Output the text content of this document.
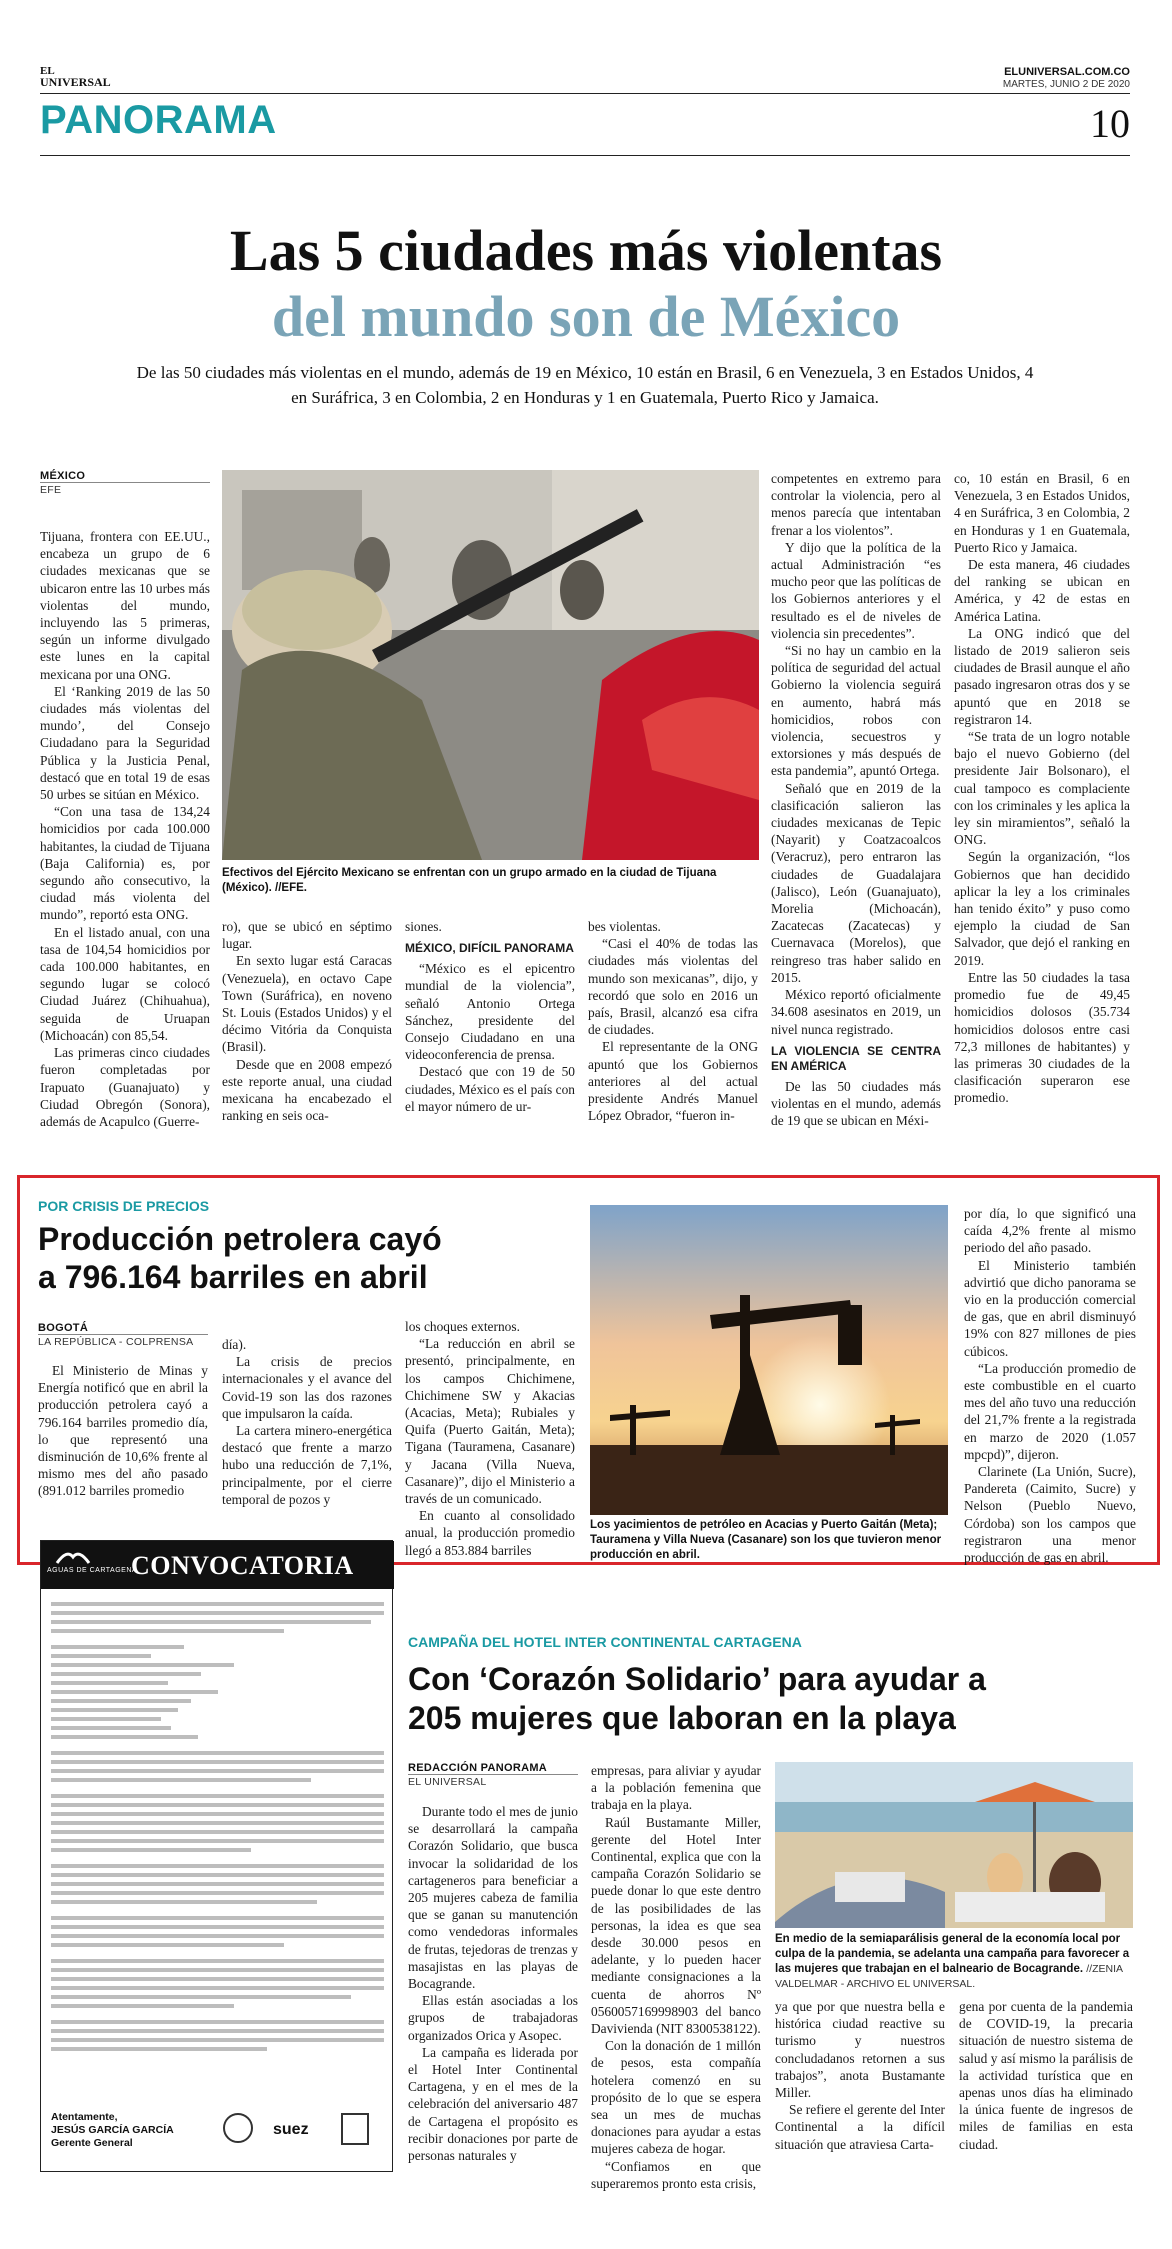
EL
UNIVERSAL
ELUNIVERSAL.COM.CO
MARTES, JUNIO 2 DE 2020
PANORAMA	10
Las 5 ciudades más violentas
del mundo son de México
De las 50 ciudades más violentas en el mundo, además de 19 en México, 10 están en Brasil, 6 en Venezuela, 3 en Estados Unidos, 4 en Suráfrica, 3 en Colombia, 2 en Honduras y 1 en Guatemala, Puerto Rico y Jamaica.
MÉXICO
EFE

Tijuana, frontera con EE.UU., encabeza un grupo de 6 ciudades mexicanas que se ubicaron entre las 10 urbes más violentas del mundo, incluyendo las 5 primeras, según un informe divulgado este lunes en la capital mexicana por una ONG.

El ‘Ranking 2019 de las 50 ciudades más violentas del mundo’, del Consejo Ciudadano para la Seguridad Pública y la Justicia Penal, destacó que en total 19 de esas 50 urbes se sitúan en México.

“Con una tasa de 134,24 homicidios por cada 100.000 habitantes, la ciudad de Tijuana (Baja California) es, por segundo año consecutivo, la ciudad más violenta del mundo”, reportó esta ONG.

En el listado anual, con una tasa de 104,54 homicidios por cada 100.000 habitantes, en segundo lugar se colocó Ciudad Juárez (Chihuahua), seguida de Uruapan (Michoacán) con 85,54.

Las primeras cinco ciudades fueron completadas por Irapuato (Guanajuato) y Ciudad Obregón (Sonora), además de Acapulco (Guerre-

Efectivos del Ejército Mexicano se enfrentan con un grupo armado en la ciudad de Tijuana (México). //EFE.

ro), que se ubicó en séptimo lugar.

En sexto lugar está Caracas (Venezuela), en octavo Cape Town (Suráfrica), en noveno St. Louis (Estados Unidos) y el décimo Vitória da Conquista (Brasil).

Desde que en 2008 empezó este reporte anual, una ciudad mexicana ha encabezado el ranking en seis oca-

siones.

MÉXICO, DIFÍCIL PANORAMA

“México es el epicentro mundial de la violencia”, señaló Antonio Ortega Sánchez, presidente del Consejo Ciudadano en una videoconferencia de prensa.

Destacó que con 19 de 50 ciudades, México es el país con el mayor número de ur-

bes violentas.

“Casi el 40% de todas las ciudades más violentas del mundo son mexicanas”, dijo, y recordó que solo en 2016 un país, Brasil, alcanzó esa cifra de ciudades.

El representante de la ONG apuntó que los Gobiernos anteriores al del actual presidente Andrés Manuel López Obrador, “fueron in-

competentes en extremo para controlar la violencia, pero al menos parecía que intentaban frenar a los violentos”.

Y dijo que la política de la actual Administración “es mucho peor que las políticas de los Gobiernos anteriores y el resultado es el de niveles de violencia sin precedentes”.

“Si no hay un cambio en la política de seguridad del actual Gobierno la violencia seguirá en aumento, habrá más homicidios, robos con violencia, secuestros y extorsiones y más después de esta pandemia”, apuntó Ortega.

Señaló que en 2019 de la clasificación salieron las ciudades mexicanas de Tepic (Nayarit) y Coatzacoalcos (Veracruz), pero entraron las ciudades de Guadalajara (Jalisco), León (Guanajuato), Morelia (Michoacán), Zacatecas (Zacatecas) y Cuernavaca (Morelos), que reingreso tras haber salido en 2015.

México reportó oficialmente 34.608 asesinatos en 2019, un nivel nunca registrado.

LA VIOLENCIA SE CENTRA EN AMÉRICA

De las 50 ciudades más violentas en el mundo, además de 19 que se ubican en Méxi-

co, 10 están en Brasil, 6 en Venezuela, 3 en Estados Unidos, 4 en Suráfrica, 3 en Colombia, 2 en Honduras y 1 en Guatemala, Puerto Rico y Jamaica.

De esta manera, 46 ciudades del ranking se ubican en América, y 42 de estas en América Latina.

La ONG indicó que del listado de 2019 salieron seis ciudades de Brasil aunque el año pasado ingresaron otras dos y se apuntó que en 2018 se registraron 14.

“Se trata de un logro notable bajo el nuevo Gobierno (del presidente Jair Bolsonaro), el cual tampoco es complaciente con los criminales y les aplica la ley sin miramientos”, señaló la ONG.

Según la organización, “los Gobiernos que han decidido aplicar la ley a los criminales han tenido éxito” y puso como ejemplo la ciudad de San Salvador, que dejó el ranking en 2019.

Entre las 50 ciudades la tasa promedio fue de 49,45 homicidios dolosos (35.734 homicidios dolosos entre casi 72,3 millones de habitantes) y las primeras 30 ciudades de la clasificación superaron ese promedio.

POR CRISIS DE PRECIOS
Producción petrolera cayó
a 796.164 barriles en abril
BOGOTÁ
LA REPÚBLICA - COLPRENSA

El Ministerio de Minas y Energía notificó que en abril la producción petrolera cayó a 796.164 barriles promedio día, lo que representó una disminución de 10,6% frente al mismo mes del año pasado (891.012 barriles promedio

día).

La crisis de precios internacionales y el avance del Covid-19 son las dos razones que impulsaron la caída.

La cartera minero-energética destacó que frente a marzo hubo una reducción de 7,1%, principalmente, por el cierre temporal de pozos y

los choques externos.

“La reducción en abril se presentó, principalmente, en los campos Chichimene, Chichimene SW y Akacias (Acacias, Meta); Rubiales y Quifa (Puerto Gaitán, Meta); Tigana (Tauramena, Casanare) y Jacana (Villa Nueva, Casanare)”, dijo el Ministerio a través de un comunicado.

En cuanto al consolidado anual, la producción promedio llegó a 853.884 barriles

Los yacimientos de petróleo en Acacias y Puerto Gaitán (Meta); Tauramena y Villa Nueva (Casanare) son los que tuvieron menor producción en abril.

por día, lo que significó una caída 4,2% frente al mismo periodo del año pasado.

El Ministerio también advirtió que dicho panorama se vio en la producción comercial de gas, que en abril disminuyó 19% con 827 millones de pies cúbicos.

“La producción promedio de este combustible en el cuarto mes del año tuvo una reducción del 21,7% frente a la registrada en marzo de 2020 (1.057 mpcpd)”, dijeron.

Clarinete (La Unión, Sucre), Pandereta (Caimito, Sucre) y Nelson (Pueblo Nuevo, Córdoba) son los campos que registraron una menor producción de gas en abril.

AGUAS DE CARTAGENA
CONVOCATORIA
Atentamente,
JESÚS GARCÍA GARCÍA
Gerente General
suez
CAMPAÑA DEL HOTEL INTER CONTINENTAL CARTAGENA
Con ‘Corazón Solidario’ para ayudar a
205 mujeres que laboran en la playa
REDACCIÓN PANORAMA
EL UNIVERSAL

Durante todo el mes de junio se desarrollará la campaña Corazón Solidario, que busca invocar la solidaridad de los cartageneros para beneficiar a 205 mujeres cabeza de familia que se ganan su manutención como vendedoras informales de frutas, tejedoras de trenzas y masajistas en las playas de Bocagrande.

Ellas están asociadas a los grupos de trabajadoras organizados Orica y Asopec.

La campaña es liderada por el Hotel Inter Continental Cartagena, y en el mes de la celebración del aniversario 487 de Cartagena el propósito es recibir donaciones por parte de personas naturales y

empresas, para aliviar y ayudar a la población femenina que trabaja en la playa.

Raúl Bustamante Miller, gerente del Hotel Inter Continental, explica que con la campaña Corazón Solidario se puede donar lo que este dentro de las posibilidades de las personas, la idea es que sea desde 30.000 pesos en adelante, y lo pueden hacer mediante consignaciones a la cuenta de ahorros Nº 0560057169998903 del banco Davivienda (NIT 8300538122).

Con la donación de 1 millón de pesos, esta compañía hotelera comenzó en su propósito de lo que se espera sea un mes de muchas donaciones para ayudar a estas mujeres cabeza de hogar.

“Confiamos en que superaremos pronto esta crisis,

En medio de la semiaparálisis general de la economía local por culpa de la pandemia, se adelanta una campaña para favorecer a las mujeres que trabajan en el balneario de Bocagrande. //ZENIA VALDELMAR - ARCHIVO EL UNIVERSAL.

ya que por que nuestra bella e histórica ciudad reactive su turismo y nuestros concludadanos retornen a sus trabajos”, anota Bustamante Miller.

Se refiere el gerente del Inter Continental a la difícil situación que atraviesa Carta-

gena por cuenta de la pandemia de COVID-19, la precaria situación de nuestro sistema de salud y así mismo la parálisis de la actividad turística que en apenas unos días ha eliminado la única fuente de ingresos de miles de familias en esta ciudad.
